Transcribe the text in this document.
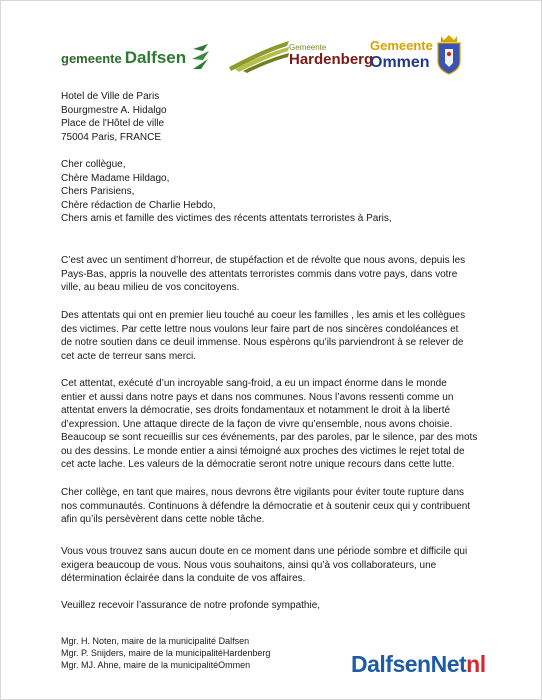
gemeente Dalfsen
Gemeente
Hardenberg
Gemeente
Ommen

Hotel de Ville de Paris

Bourgmestre A. Hidalgo

Place de l'Hôtel de ville

75004 Paris, FRANCE

Cher collègue,

Chère Madame Hildago,

Chers Parisiens,

Chère rédaction de Charlie Hebdo,

Chers amis et famille des victimes des récents attentats terroristes à Paris,

C’est avec un sentiment d’horreur, de stupéfaction et de révolte que nous avons, depuis les

Pays-Bas, appris la nouvelle des attentats terroristes commis dans votre pays, dans votre

ville, au beau milieu de vos concitoyens.

Des attentats qui ont en premier lieu touché au coeur les familles , les amis et les collègues

des victimes. Par cette lettre nous voulons leur faire part de nos sincères condoléances et

de notre soutien dans ce deuil immense. Nous espèrons qu’ils parviendront à se relever de

cet acte de terreur sans merci.

Cet attentat, exécuté d’un incroyable sang-froid, a eu un impact énorme dans le monde

entier et aussi dans notre pays et dans nos communes. Nous l’avons ressenti comme un

attentat envers la démocratie, ses droits fondamentaux et notamment le droit à la liberté

d’expression. Une attaque directe de la façon de vivre qu’ensemble, nous avons choisie.

Beaucoup se sont recueillis sur ces événements, par des paroles, par le silence, par des mots

ou des dessins. Le monde entier a ainsi témoigné aux proches des victimes le rejet total de

cet acte lache. Les valeurs de la démocratie seront notre unique recours dans cette lutte.

Cher collège, en tant que maires, nous devrons être vigilants pour éviter toute rupture dans

nos communautés. Continuons à défendre la démocratie et à soutenir ceux qui y contribuent

afin qu’ils persèvèrent dans cette noble tâche.

Vous vous trouvez sans aucun doute en ce moment dans une période sombre et difficile qui

exigera beaucoup de vous. Nous vous souhaitons, ainsi qu’à vos collaborateurs, une

détermination éclairée dans la conduite de vos affaires.

Veuillez recevoir l’assurance de notre profonde sympathie,

Mgr. H. Noten, maire de la municipalité Dalfsen

Mgr. P. Snijders, maire de la municipalitéHardenberg

Mgr. MJ. Ahne, maire de la municipalitéOmmen	DalfsenNetnl
